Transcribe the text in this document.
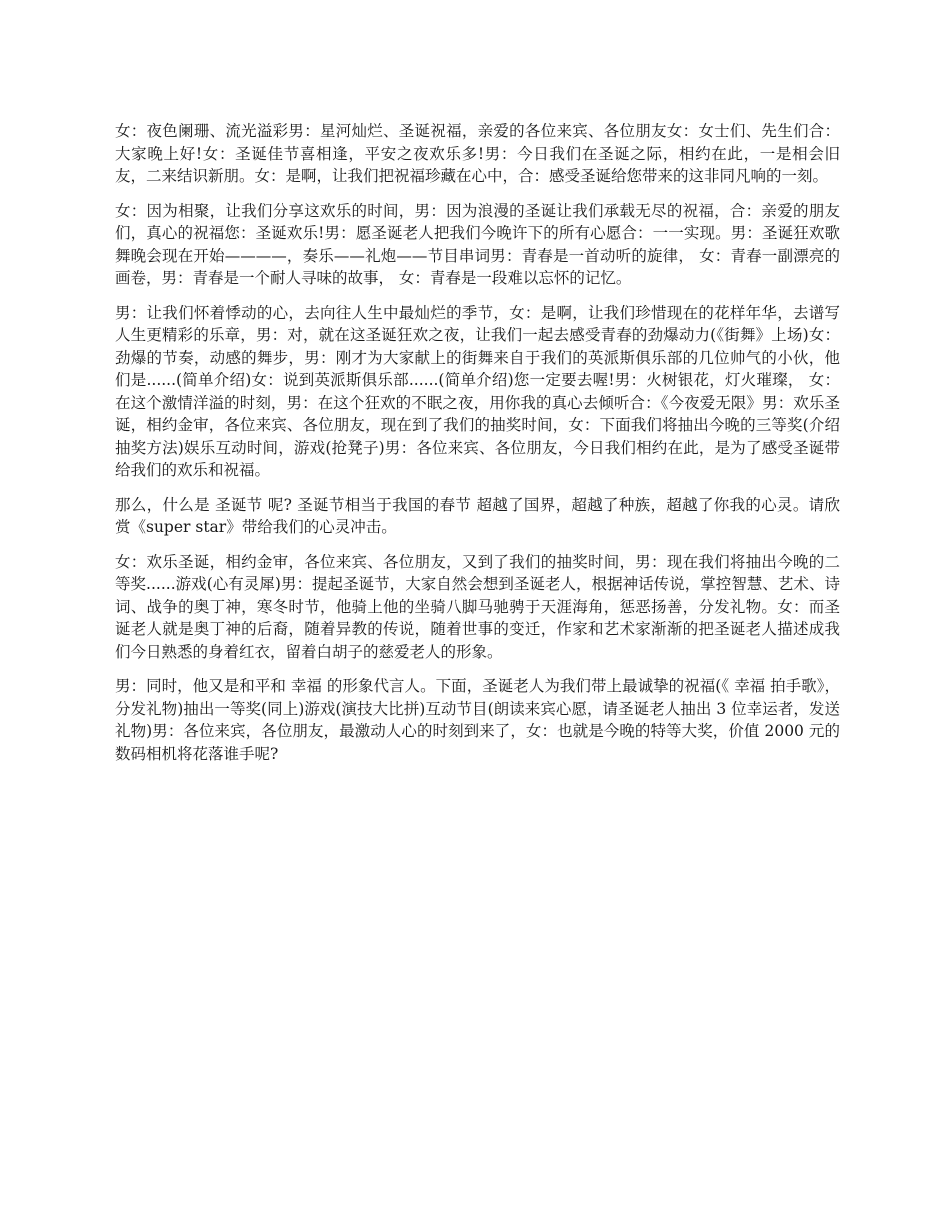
女：夜色阑珊、流光溢彩男：星河灿烂、圣诞祝福，亲爱的各位来宾、各位朋友女：女士们、先生们合：大家晚上好!女：圣诞佳节喜相逢，平安之夜欢乐多!男：今日我们在圣诞之际，相约在此，一是相会旧友，二来结识新朋。女：是啊，让我们把祝福珍藏在心中，合：感受圣诞给您带来的这非同凡响的一刻。

女：因为相聚，让我们分享这欢乐的时间，男：因为浪漫的圣诞让我们承载无尽的祝福，合：亲爱的朋友们，真心的祝福您：圣诞欢乐!男：愿圣诞老人把我们今晚许下的所有心愿合：一一实现。男：圣诞狂欢歌舞晚会现在开始————，奏乐——礼炮——节目串词男：青春是一首动听的旋律， 女：青春一副漂亮的画卷，男：青春是一个耐人寻味的故事， 女：青春是一段难以忘怀的记忆。

男：让我们怀着悸动的心，去向往人生中最灿烂的季节，女：是啊，让我们珍惜现在的花样年华，去谱写人生更精彩的乐章，男：对，就在这圣诞狂欢之夜，让我们一起去感受青春的劲爆动力(《街舞》上场)女：劲爆的节奏，动感的舞步，男：刚才为大家献上的街舞来自于我们的英派斯俱乐部的几位帅气的小伙，他们是......(简单介绍)女：说到英派斯俱乐部......(简单介绍)您一定要去喔!男：火树银花，灯火璀璨， 女：在这个激情洋溢的时刻，男：在这个狂欢的不眠之夜，用你我的真心去倾听合：《今夜爱无限》男：欢乐圣诞，相约金审，各位来宾、各位朋友，现在到了我们的抽奖时间，女：下面我们将抽出今晚的三等奖(介绍抽奖方法)娱乐互动时间，游戏(抢凳子)男：各位来宾、各位朋友，今日我们相约在此，是为了感受圣诞带给我们的欢乐和祝福。

那么，什么是 圣诞节 呢? 圣诞节相当于我国的春节 超越了国界，超越了种族，超越了你我的心灵。请欣赏《super star》带给我们的心灵冲击。

女：欢乐圣诞，相约金审，各位来宾、各位朋友，又到了我们的抽奖时间，男：现在我们将抽出今晚的二等奖......游戏(心有灵犀)男：提起圣诞节，大家自然会想到圣诞老人，根据神话传说，掌控智慧、艺术、诗词、战争的奥丁神，寒冬时节，他骑上他的坐骑八脚马驰骋于天涯海角，惩恶扬善，分发礼物。女：而圣诞老人就是奥丁神的后裔，随着异教的传说，随着世事的变迁，作家和艺术家渐渐的把圣诞老人描述成我们今日熟悉的身着红衣，留着白胡子的慈爱老人的形象。

男：同时，他又是和平和 幸福 的形象代言人。下面，圣诞老人为我们带上最诚挚的祝福(《 幸福 拍手歌》，分发礼物)抽出一等奖(同上)游戏(演技大比拼)互动节目(朗读来宾心愿，请圣诞老人抽出 3 位幸运者，发送礼物)男：各位来宾，各位朋友，最激动人心的时刻到来了，女：也就是今晚的特等大奖，价值 2000 元的数码相机将花落谁手呢?
